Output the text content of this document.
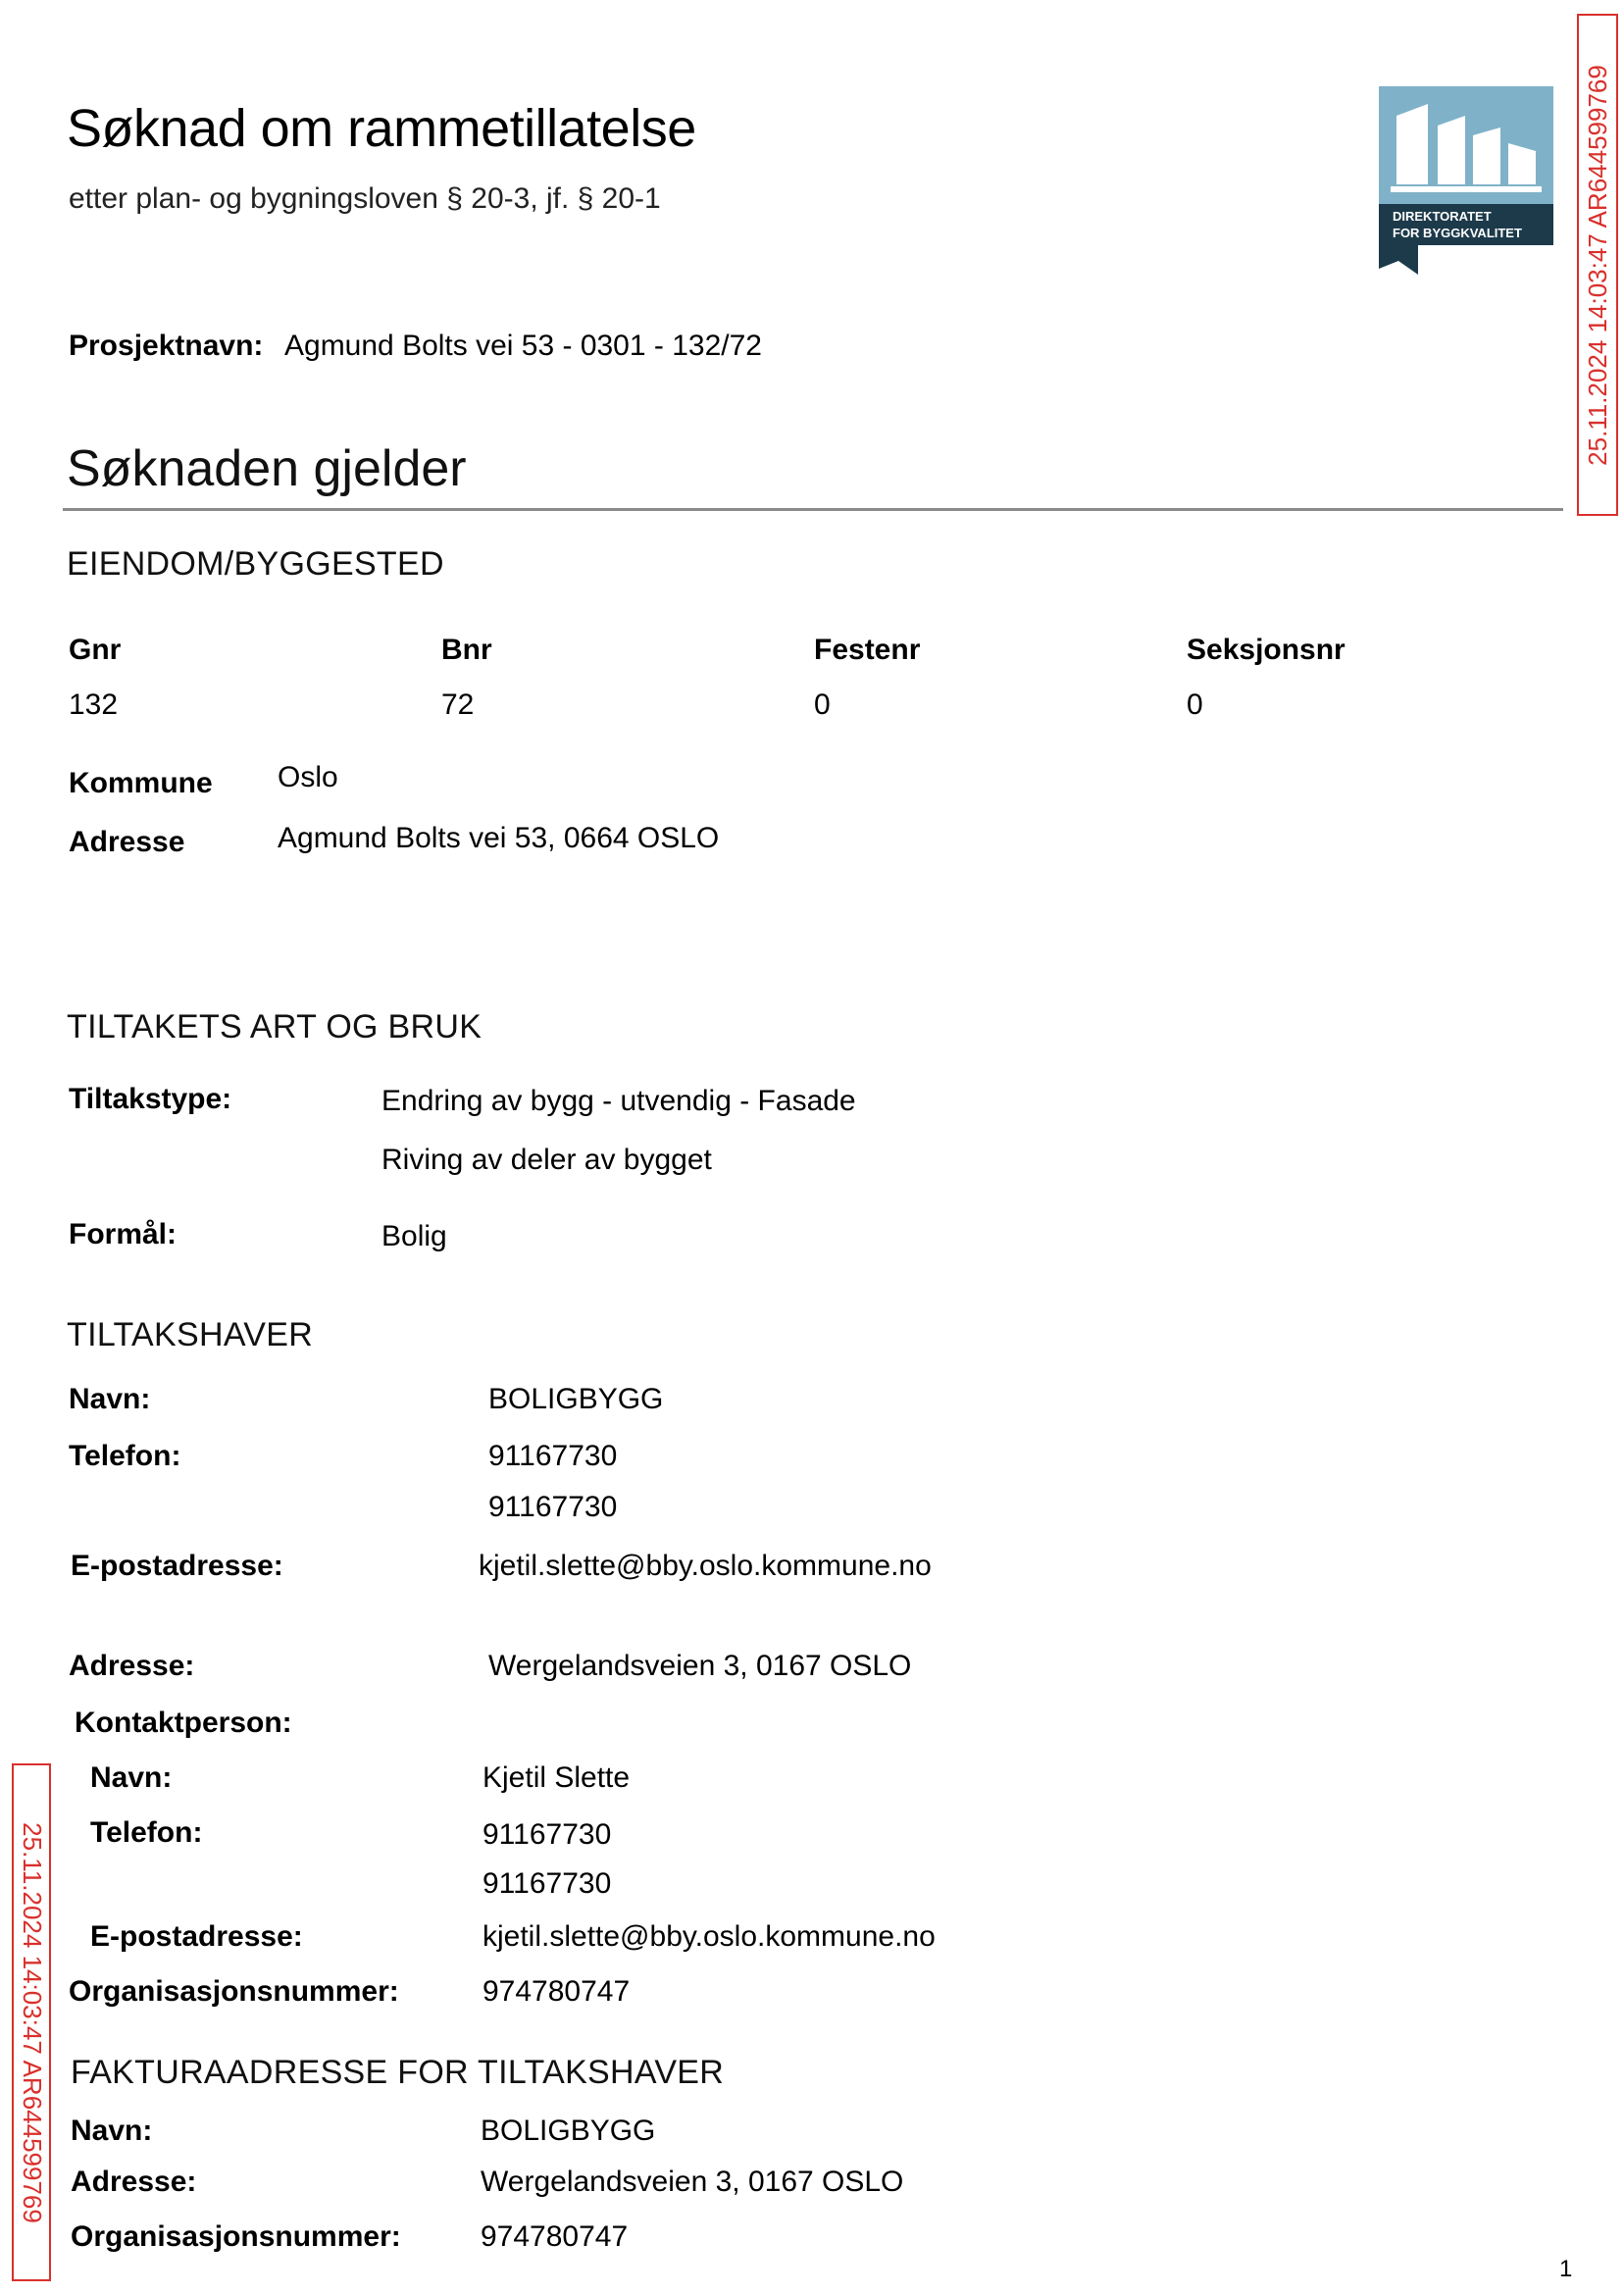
Søknad om rammetillatelse
etter plan- og bygningsloven § 20-3, jf. § 20-1
DIREKTORATET
FOR BYGGKVALITET 25.11.2024 14:03:47 AR644599769
25.11.2024 14:03:47 AR644599769
Prosjektnavn: Agmund Bolts vei 53 - 0301 - 132/72
Søknaden gjelder
EIENDOM/BYGGESTED
Gnr	Bnr	Festenr	Seksjonsnr
132	72	0	0
Kommune Oslo
Adresse	Agmund Bolts vei 53, 0664 OSLO
TILTAKETS ART OG BRUK
Tiltakstype:	Endring av bygg - utvendig - Fasade
Riving av deler av bygget
Formål:	Bolig
TILTAKSHAVER
Navn:	BOLIGBYGG
Telefon:	91167730
91167730
E-postadresse:	kjetil.slette@bby.oslo.kommune.no
Adresse:	Wergelandsveien 3, 0167 OSLO
Kontaktperson:
Navn:	Kjetil Slette
Telefon:	91167730
91167730
E-postadresse:	kjetil.slette@bby.oslo.kommune.no
Organisasjonsnummer:	974780747
FAKTURAADRESSE FOR TILTAKSHAVER
Navn:	BOLIGBYGG
Adresse:	Wergelandsveien 3, 0167 OSLO
Organisasjonsnummer:	974780747
1
